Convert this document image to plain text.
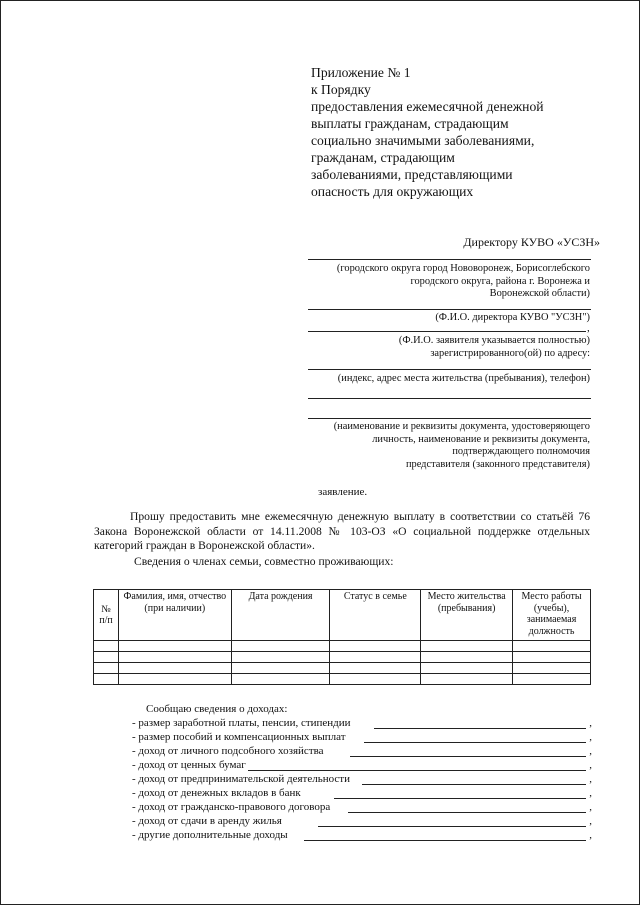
Приложение № 1
к Порядку
предоставления ежемесячной денежной
выплаты гражданам, страдающим
социально значимыми заболеваниями,
гражданам, страдающим
заболеваниями, представляющими
опасность для окружающих
Директору КУВО «УСЗН»
(городского округа город Нововоронеж, Борисоглебского
городского округа, района г. Воронежа и
Воронежской области)
(Ф.И.О. директора КУВО "УСЗН")
,
(Ф.И.О. заявителя указывается полностью)
зарегистрированного(ой) по адресу:
(индекс, адрес места жительства (пребывания), телефон)
(наименование и реквизиты документа, удостоверяющего
личность, наименование и реквизиты документа,
подтверждающего полномочия
представителя (законного представителя)
заявление.
Прошу предоставить мне ежемесячную денежную выплату в соответствии со статьёй 76 Закона Воронежской области от 14.11.2008 № 103-ОЗ «О социальной поддержке отдельных категорий граждан в Воронежской области».
Сведения о членах семьи, совместно проживающих:
№ п/п	Фамилия, имя, отчество (при наличии)	Дата рождения	Статус в семье	Место жительства (пребывания)	Место работы (учебы), занимаемая должность

Сообщаю сведения о доходах:
- размер заработной платы, пенсии, стипендии	,
- размер пособий и компенсационных выплат	,
- доход от личного подсобного хозяйства	,
- доход от ценных бумаг	,
- доход от предпринимательской деятельности	,
- доход от денежных вкладов в банк	,
- доход от гражданско-правового договора	,
- доход от сдачи в аренду жилья	,
- другие дополнительные доходы	,
